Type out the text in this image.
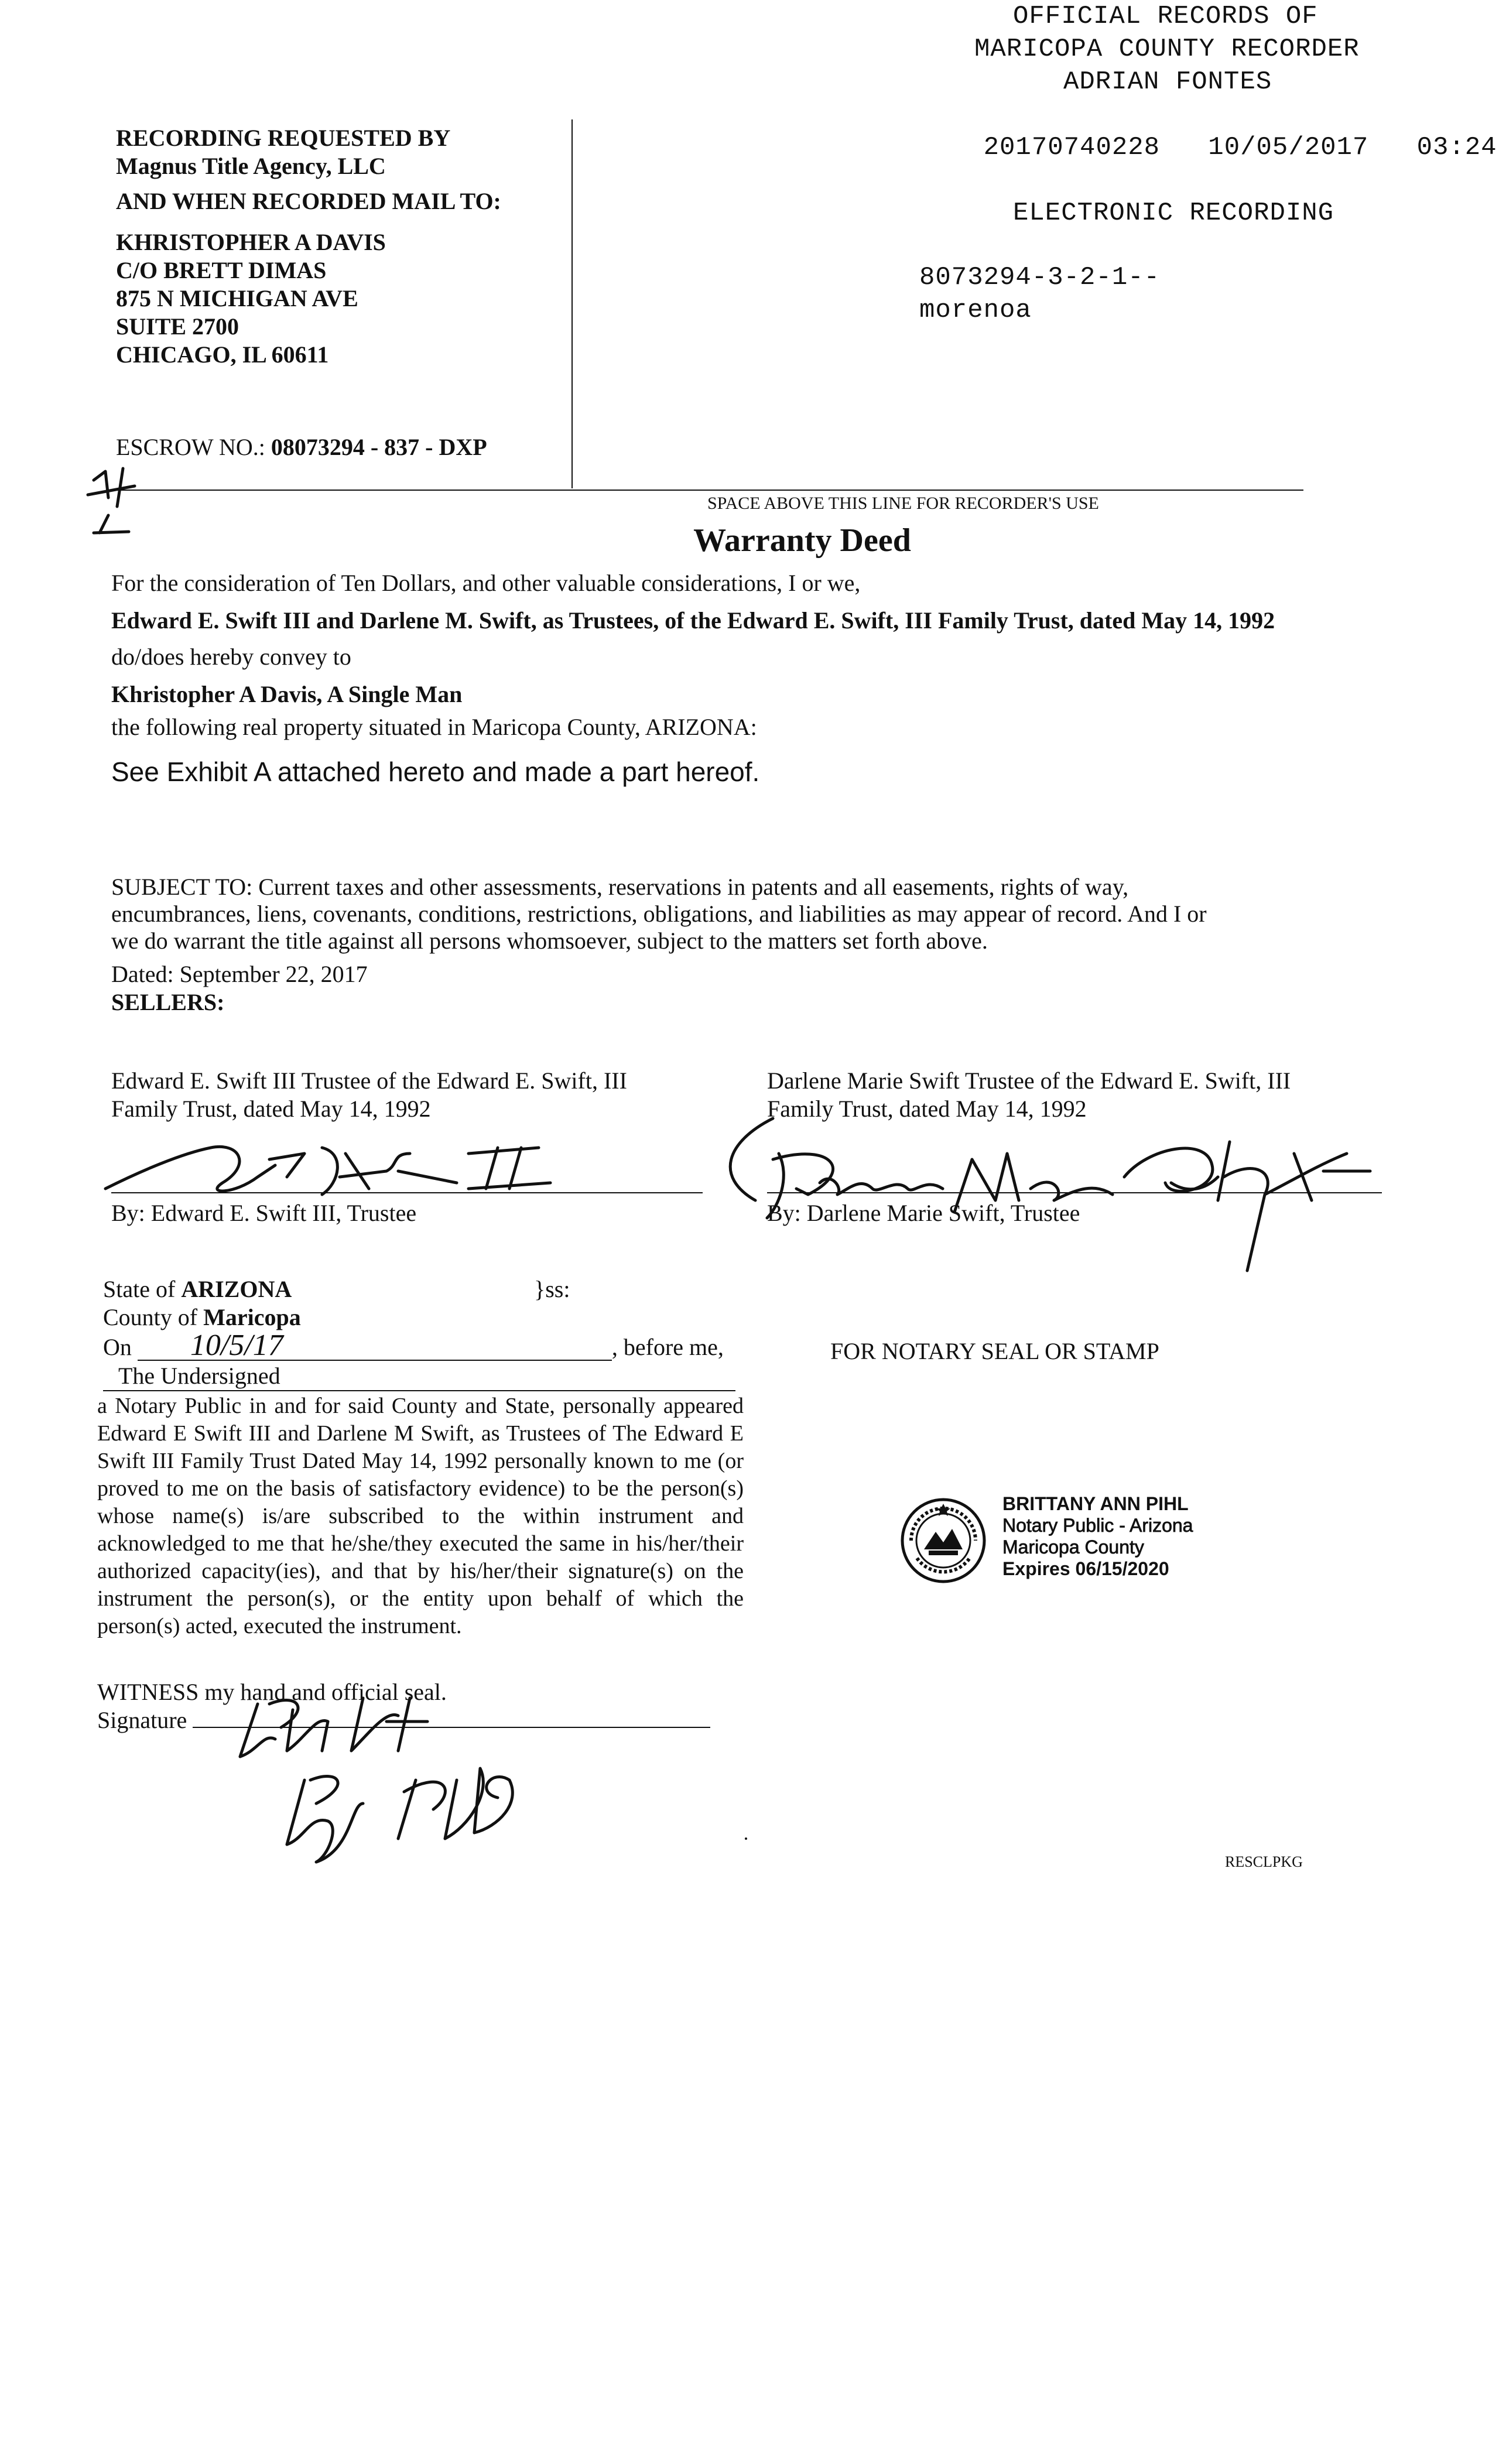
OFFICIAL RECORDS OF
MARICOPA COUNTY RECORDER
ADRIAN FONTES

20170740228 10/05/2017 03:24

ELECTRONIC RECORDING
8073294-3-2-1--
morenoa
RECORDING REQUESTED BY
Magnus Title Agency, LLC
AND WHEN RECORDED MAIL TO:
KHRISTOPHER A DAVIS
C/O BRETT DIMAS
875 N MICHIGAN AVE
SUITE 2700
CHICAGO, IL 60611
ESCROW NO.: 08073294 - 837 - DXP
SPACE ABOVE THIS LINE FOR RECORDER'S USE
Warranty Deed
For the consideration of Ten Dollars, and other valuable considerations, I or we,
Edward E. Swift III and Darlene M. Swift, as Trustees, of the Edward E. Swift, III Family Trust, dated May 14, 1992
do/does hereby convey to
Khristopher A Davis, A Single Man
the following real property situated in Maricopa County, ARIZONA:
See Exhibit A attached hereto and made a part hereof.
SUBJECT TO: Current taxes and other assessments, reservations in patents and all easements, rights of way, encumbrances, liens, covenants, conditions, restrictions, obligations, and liabilities as may appear of record. And I or we do warrant the title against all persons whomsoever, subject to the matters set forth above.
Dated: September 22, 2017
SELLERS:
Edward E. Swift III Trustee of the Edward E. Swift, III
Family Trust, dated May 14, 1992
By: Edward E. Swift III, Trustee
Darlene Marie Swift Trustee of the Edward E. Swift, III
Family Trust, dated May 14, 1992
By: Darlene Marie Swift, Trustee
State of ARIZONA	}ss:
County of Maricopa
On 10/5/17	, before me,
The Undersigned
a Notary Public in and for said County and State, personally appeared Edward E Swift III and Darlene M Swift, as Trustees of The Edward E Swift III Family Trust Dated May 14, 1992 personally known to me (or proved to me on the basis of satisfactory evidence) to be the person(s) whose name(s) is/are subscribed to the within instrument and acknowledged to me that he/she/they executed the same in his/her/their authorized capacity(ies), and that by his/her/their signature(s) on the instrument the person(s), or the entity upon behalf of which the person(s) acted, executed the instrument.
WITNESS my hand and official seal.
Signature
FOR NOTARY SEAL OR STAMP
BRITTANY ANN PIHL
Notary Public - Arizona
Maricopa County
Expires 06/15/2020
RESCLPKG
